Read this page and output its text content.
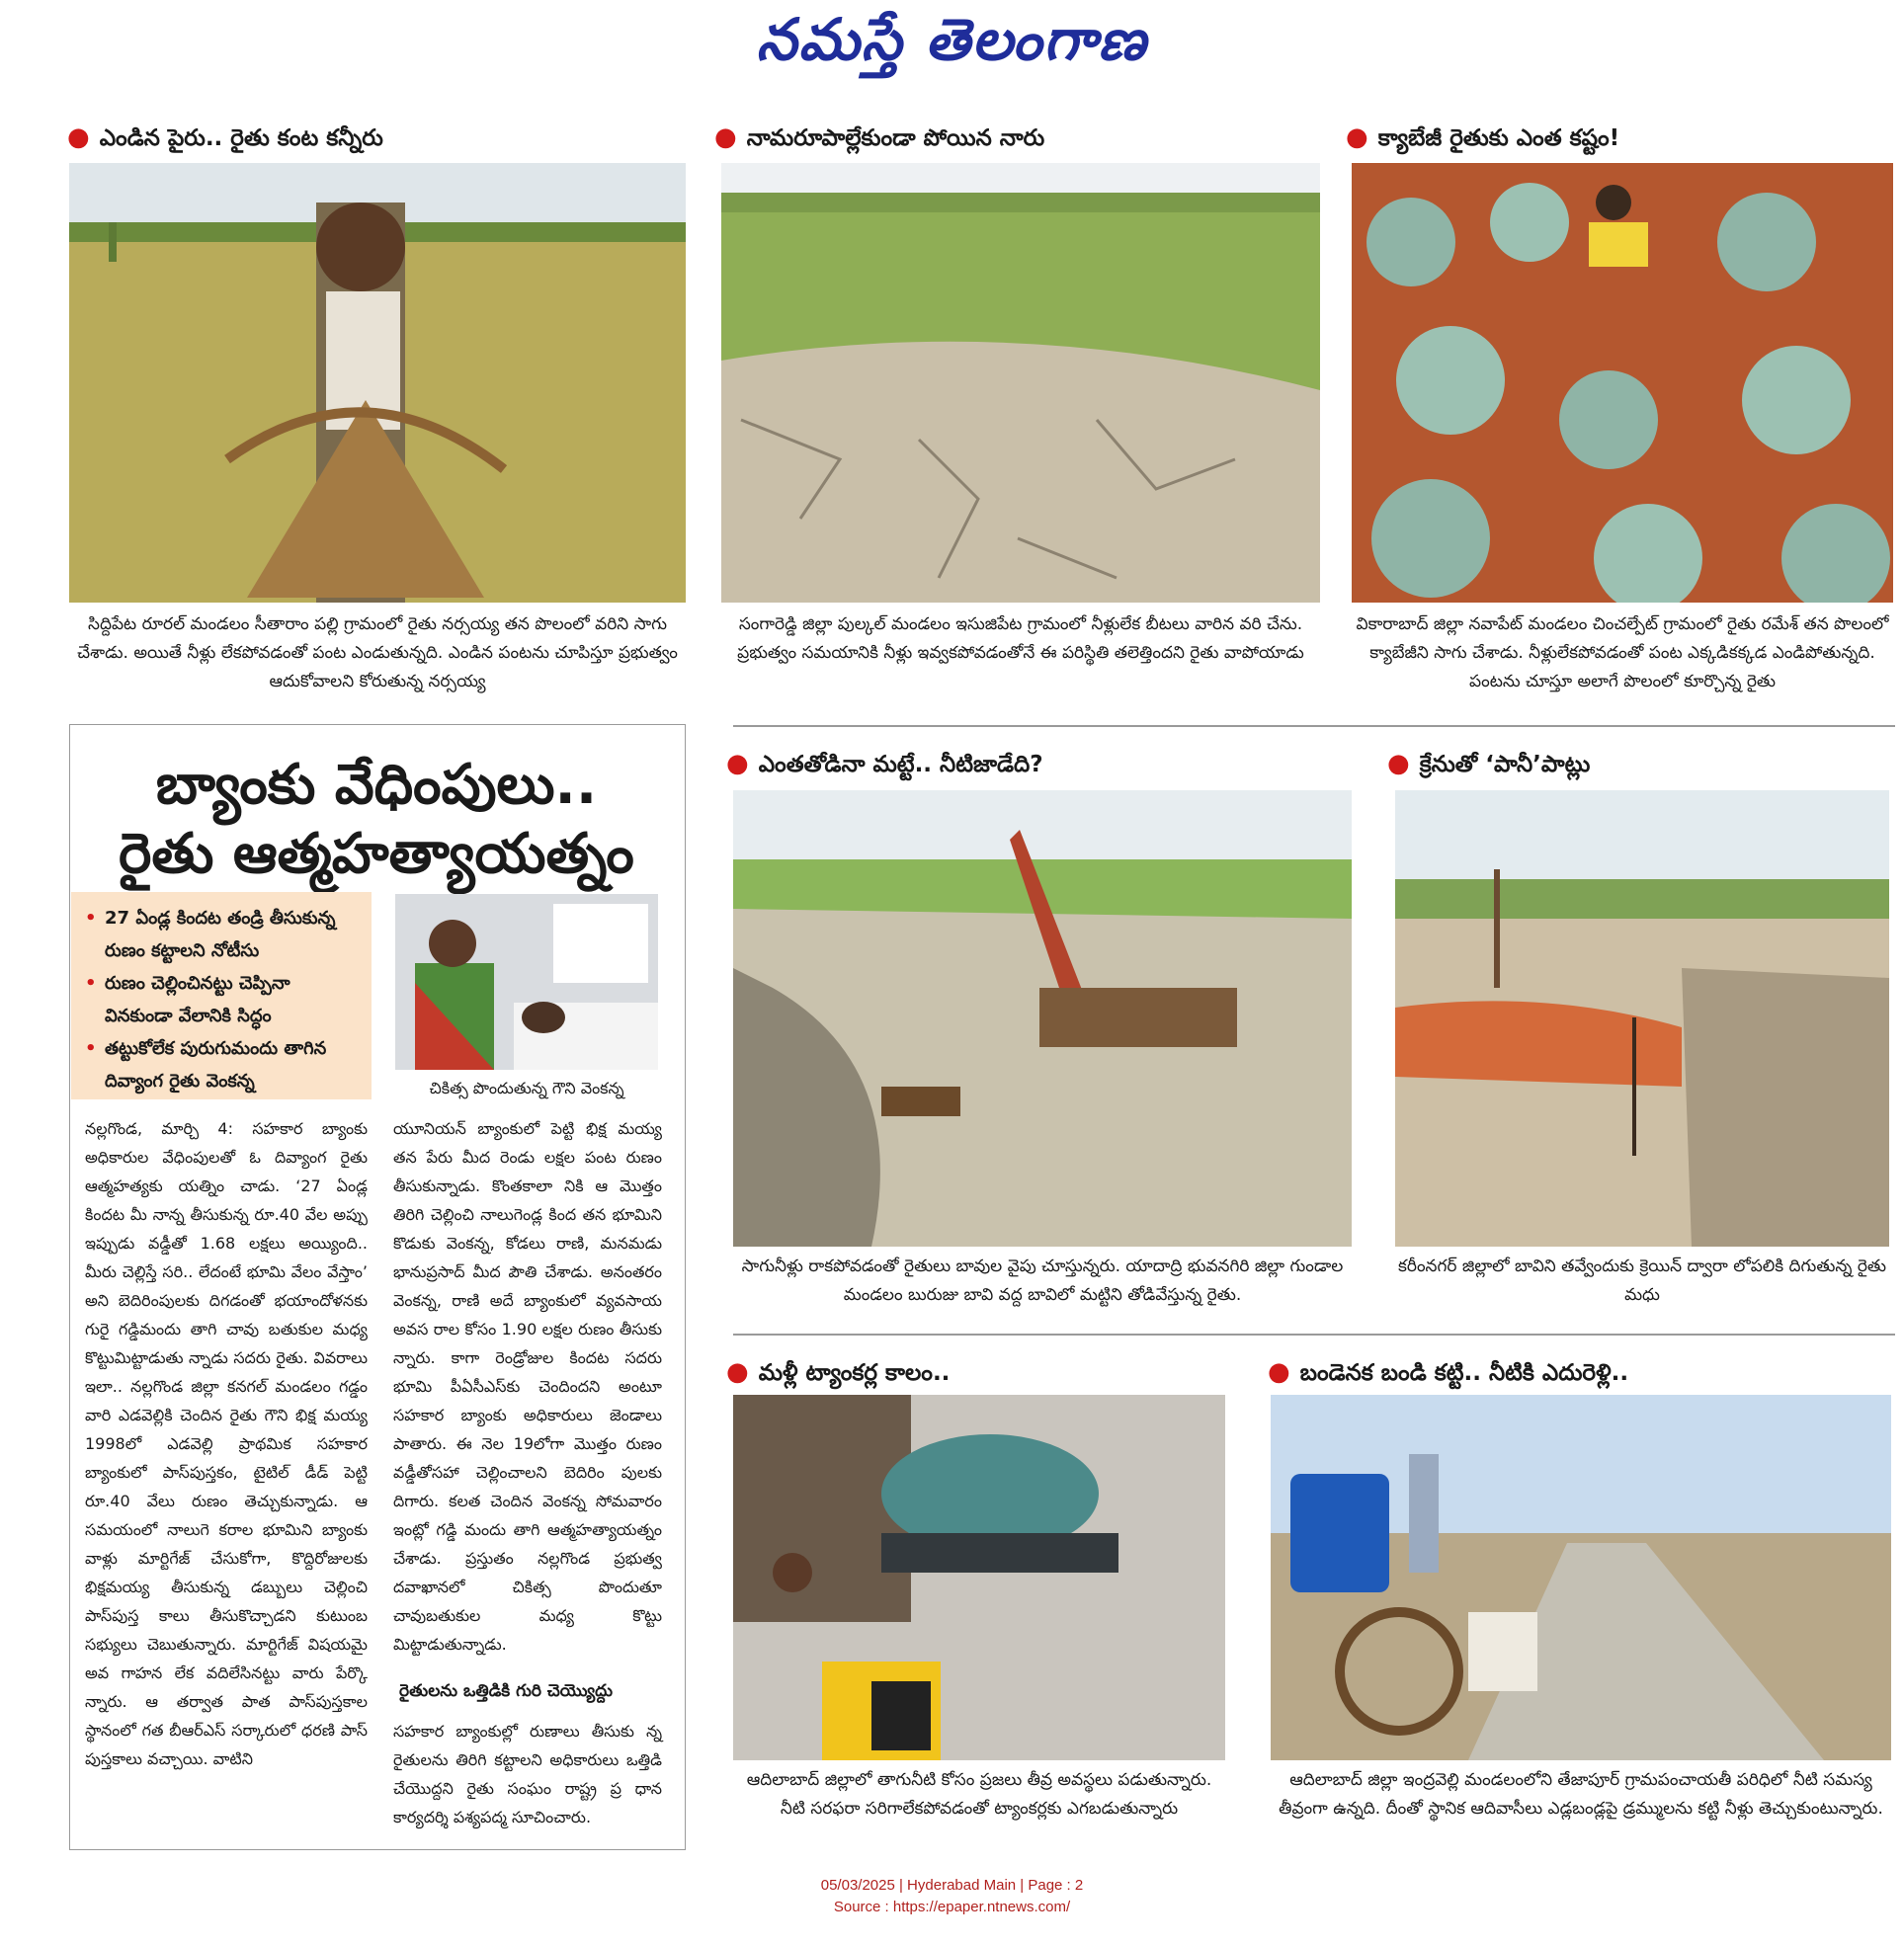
నమస్తే తెలంగాణ
● ఎండిన పైరు.. రైతు కంట కన్నీరు
సిద్దిపేట రూరల్ మండలం సీతారాం పల్లి గ్రామంలో రైతు నర్సయ్య తన పొలంలో వరిని సాగు చేశాడు. అయితే నీళ్లు లేకపోవడంతో పంట ఎండుతున్నది. ఎండిన పంటను చూపిస్తూ ప్రభుత్వం ఆదుకోవాలని కోరుతున్న నర్సయ్య
● నామరూపాల్లేకుండా పోయిన నారు
సంగారెడ్డి జిల్లా పుల్కల్ మండలం ఇసుజిపేట గ్రామంలో నీళ్లులేక బీటలు వారిన వరి చేను. ప్రభుత్వం సమయానికి నీళ్లు ఇవ్వకపోవడంతోనే ఈ పరిస్థితి తలెత్తిందని రైతు వాపోయాడు
● క్యాబేజీ రైతుకు ఎంత కష్టం!
వికారాబాద్ జిల్లా నవాపేట్ మండలం చించల్పేట్ గ్రామంలో రైతు రమేశ్ తన పొలంలో క్యాబేజీని సాగు చేశాడు. నీళ్లులేకపోవడంతో పంట ఎక్కడికక్కడ ఎండిపోతున్నది. పంటను చూస్తూ అలాగే పొలంలో కూర్చొన్న రైతు
బ్యాంకు వేధింపులు..
రైతు ఆత్మహత్యాయత్నం
• 27 ఏండ్ల కిందట తండ్రి తీసుకున్న రుణం కట్టాలని నోటీసు
• రుణం చెల్లించినట్టు చెప్పినా వినకుండా వేలానికి సిద్ధం
• తట్టుకోలేక పురుగుమందు తాగిన దివ్యాంగ రైతు వెంకన్న	చికిత్స పొందుతున్న గౌని వెంకన్న
నల్లగొండ, మార్చి 4: సహకార బ్యాంకు అధికారుల వేధింపులతో ఓ దివ్యాంగ రైతు ఆత్మహత్యకు యత్నిం చాడు. ‘27 ఏండ్ల కిందట మీ నాన్న తీసుకున్న రూ.40 వేల అప్పు ఇప్పుడు వడ్డీతో 1.68 లక్షలు అయ్యింది.. మీరు చెల్లిస్తే సరి.. లేదంటే భూమి వేలం వేస్తాం’ అని బెదిరింపులకు దిగడంతో భయాందోళనకు గురై గడ్డిమందు తాగి చావు బతుకుల మధ్య కొట్టుమిట్టాడుతు న్నాడు సదరు రైతు. వివరాలు ఇలా.. నల్లగొండ జిల్లా కనగల్ మండలం గడ్డం వారి ఎడవెల్లికి చెందిన రైతు గౌని భిక్ష మయ్య 1998లో ఎడవెల్లి ప్రాథమిక సహకార బ్యాంకులో పాస్‌పుస్తకం, టైటిల్ డీడ్ పెట్టి రూ.40 వేలు రుణం తెచ్చుకున్నాడు. ఆ సమయంలో నాలుగె కరాల భూమిని బ్యాంకు వాళ్లు మార్టిగేజ్ చేసుకోగా, కొద్దిరోజులకు భిక్షమయ్య తీసుకున్న డబ్బులు చెల్లించి పాస్‌పుస్త కాలు తీసుకొచ్చాడని కుటుంబ సభ్యులు చెబుతున్నారు. మార్టిగేజ్ విషయమై అవ గాహన లేక వదిలేసినట్టు వారు పేర్కొ న్నారు. ఆ తర్వాత పాత పాస్‌పుస్తకాల స్థానంలో గత బీఆర్‌ఎస్ సర్కారులో ధరణి పాస్ పుస్తకాలు వచ్చాయి. వాటిని
యూనియన్ బ్యాంకులో పెట్టి భిక్ష మయ్య తన పేరు మీద రెండు లక్షల పంట రుణం తీసుకున్నాడు. కొంతకాలా నికి ఆ మొత్తం తిరిగి చెల్లించి నాలుగెండ్ల కింద తన భూమిని కొడుకు వెంకన్న, కోడలు రాణి, మనమడు భానుప్రసాద్ మీద పౌతి చేశాడు. అనంతరం వెంకన్న, రాణి అదే బ్యాంకులో వ్యవసాయ అవస రాల కోసం 1.90 లక్షల రుణం తీసుకు న్నారు. కాగా రెండ్రోజుల కిందట సదరు భూమి పీఏసీఎస్‌కు చెందిందని అంటూ సహకార బ్యాంకు అధికారులు జెండాలు పాతారు. ఈ నెల 19లోగా మొత్తం రుణం వడ్డీతోసహా చెల్లించాలని బెదిరిం పులకు దిగారు. కలత చెందిన వెంకన్న సోమవారం ఇంట్లో గడ్డి మందు తాగి ఆత్మహత్యాయత్నం చేశాడు. ప్రస్తుతం నల్లగొండ ప్రభుత్వ దవాఖానలో చికిత్స పొందుతూ చావుబతుకుల మధ్య కొట్టు మిట్టాడుతున్నాడు.
రైతులను ఒత్తిడికి గురి చెయ్యొద్దు
సహకార బ్యాంకుల్లో రుణాలు తీసుకు న్న రైతులను తిరిగి కట్టాలని అధికారులు ఒత్తిడి చేయొద్దని రైతు సంఘం రాష్ట్ర ప్ర ధాన కార్యదర్శి పశ్యపద్మ సూచించారు.
● ఎంతతోడినా మట్టే.. నీటిజాడేది?
సాగునీళ్లు రాకపోవడంతో రైతులు బావుల వైపు చూస్తున్నరు. యాదాద్రి భువనగిరి జిల్లా గుండాల మండలం బురుజు బావి వద్ద బావిలో మట్టిని తోడివేస్తున్న రైతు.
● క్రేనుతో ‘పానీ’పాట్లు
కరీంనగర్ జిల్లాలో బావిని తవ్వేందుకు క్రెయిన్ ద్వారా లోపలికి దిగుతున్న రైతు మధు
● మళ్లీ ట్యాంకర్ల కాలం..
ఆదిలాబాద్ జిల్లాలో తాగునీటి కోసం ప్రజలు తీవ్ర అవస్థలు పడుతున్నారు. నీటి సరఫరా సరిగాలేకపోవడంతో ట్యాంకర్లకు ఎగబడుతున్నారు
● బండెనక బండి కట్టి.. నీటికి ఎదురెళ్లి..
ఆదిలాబాద్ జిల్లా ఇంద్రవెల్లి మండలంలోని తేజాపూర్ గ్రామపంచాయతీ పరిధిలో నీటి సమస్య తీవ్రంగా ఉన్నది. దీంతో స్థానిక ఆదివాసీలు ఎడ్లబండ్లపై డ్రమ్ములను కట్టి నీళ్లు తెచ్చుకుంటున్నారు.
05/03/2025 | Hyderabad Main | Page : 2
Source : https://epaper.ntnews.com/
